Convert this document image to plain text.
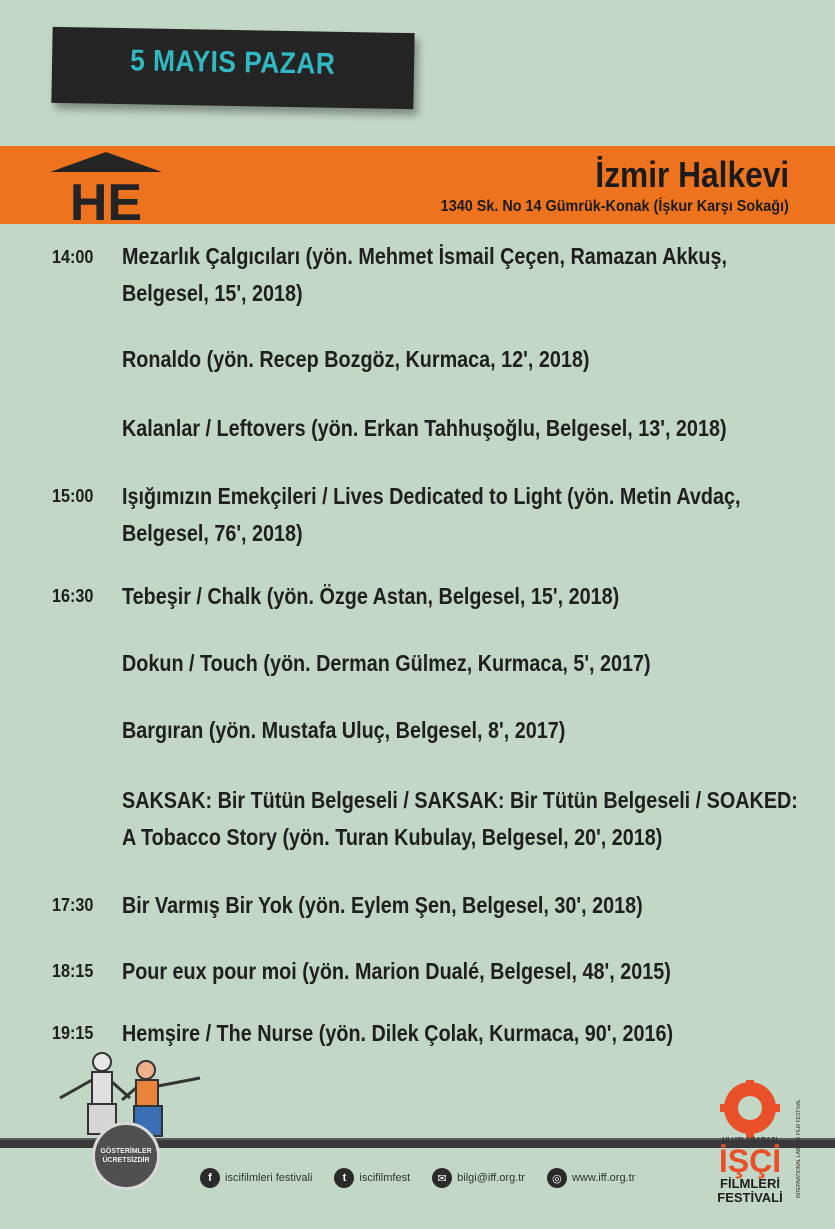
5 MAYIS PAZAR
HE	İzmir Halkevi
1340 Sk. No 14 Gümrük-Konak (İşkur Karşı Sokağı)
14:00 Mezarlık Çalgıcıları (yön. Mehmet İsmail Çeçen, Ramazan Akkuş,
Belgesel, 15', 2018)
Ronaldo (yön. Recep Bozgöz, Kurmaca, 12', 2018)
Kalanlar / Leftovers (yön. Erkan Tahhuşoğlu, Belgesel, 13', 2018)
15:00 Işığımızın Emekçileri / Lives Dedicated to Light (yön. Metin Avdaç,
Belgesel, 76', 2018)
16:30 Tebeşir / Chalk (yön. Özge Astan, Belgesel, 15', 2018)
Dokun / Touch (yön. Derman Gülmez, Kurmaca, 5', 2017)
Bargıran (yön. Mustafa Uluç, Belgesel, 8', 2017)
SAKSAK: Bir Tütün Belgeseli / SAKSAK: Bir Tütün Belgeseli / SOAKED:
A Tobacco Story (yön. Turan Kubulay, Belgesel, 20', 2018)
17:30 Bir Varmış Bir Yok (yön. Eylem Şen, Belgesel, 30', 2018)
18:15 Pour eux pour moi (yön. Marion Dualé, Belgesel, 48', 2015)
19:15 Hemşire / The Nurse (yön. Dilek Çolak, Kurmaca, 90', 2016)
GÖSTERİMLER ÜCRETSİZDİR
f	iscifilmleri festivali	t	iscifilmfest	✉ bilgi@iff.org.tr	◎ www.iff.org.tr
ULUSLARARASI
İŞÇİ
FİLMLERİ
FESTİVALİ	INTERNATIONAL LABOUR FILM FESTIVAL
